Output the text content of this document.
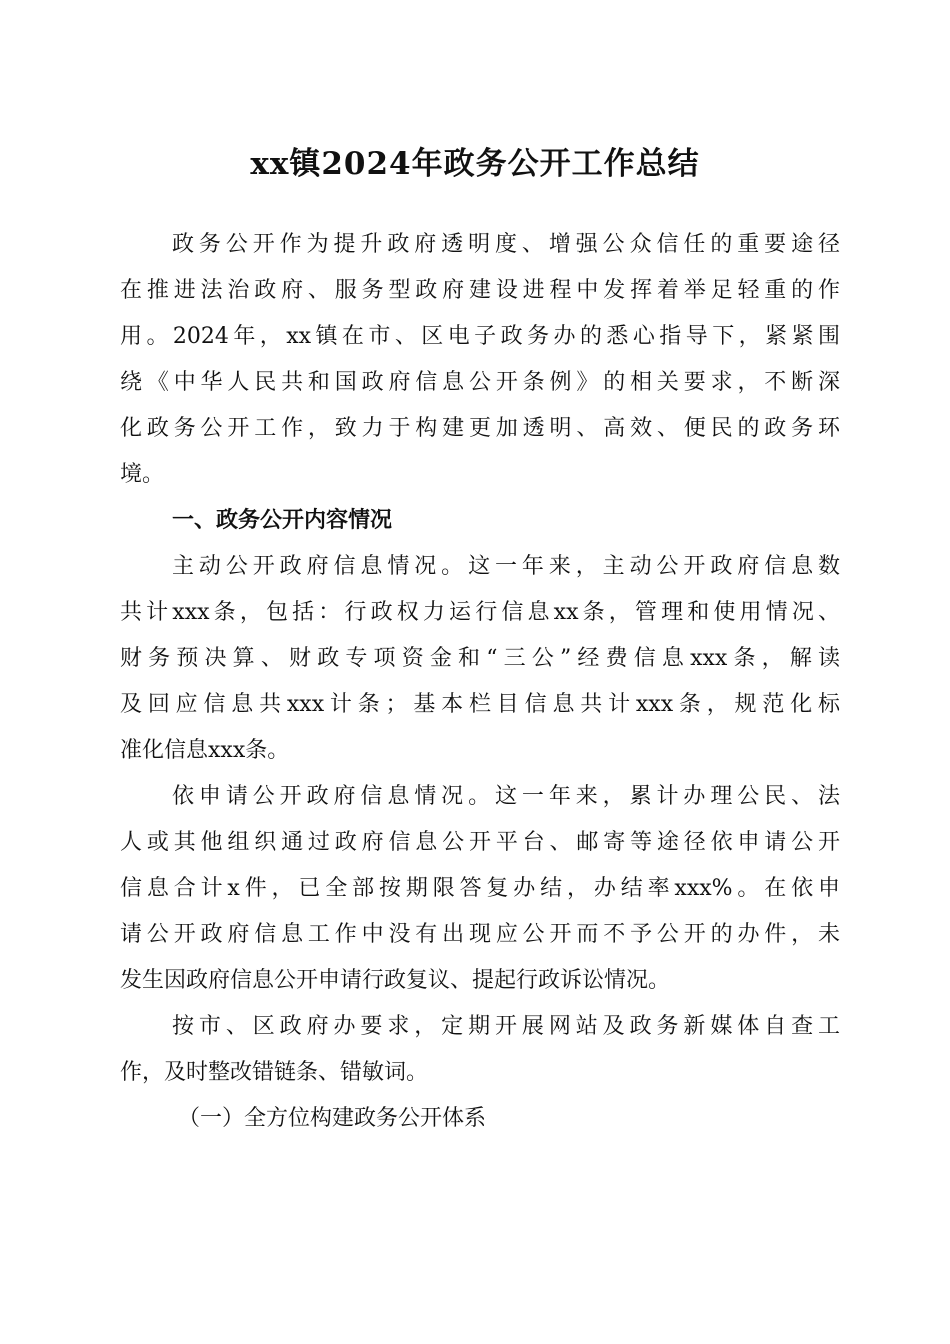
xx镇2024年政务公开工作总结

政务公开作为提升政府透明度、增强公众信任的重要途径

在推进法治政府、服务型政府建设进程中发挥着举足轻重的作

用。2024年，xx镇在市、区电子政务办的悉心指导下，紧紧围

绕《中华人民共和国政府信息公开条例》的相关要求，不断深

化政务公开工作，致力于构建更加透明、高效、便民的政务环

境。

一、政务公开内容情况

主动公开政府信息情况。这一年来，主动公开政府信息数

共计xxx条，包括：行政权力运行信息xx条，管理和使用情况、

财务预决算、财政专项资金和“三公”经费信息xxx条，解读

及回应信息共xxx计条；基本栏目信息共计xxx条，规范化标

准化信息xxx条。

依申请公开政府信息情况。这一年来，累计办理公民、法

人或其他组织通过政府信息公开平台、邮寄等途径依申请公开

信息合计x件，已全部按期限答复办结，办结率xxx%。在依申

请公开政府信息工作中没有出现应公开而不予公开的办件，未

发生因政府信息公开申请行政复议、提起行政诉讼情况。

按市、区政府办要求，定期开展网站及政务新媒体自查工

作，及时整改错链条、错敏词。

（一）全方位构建政务公开体系
